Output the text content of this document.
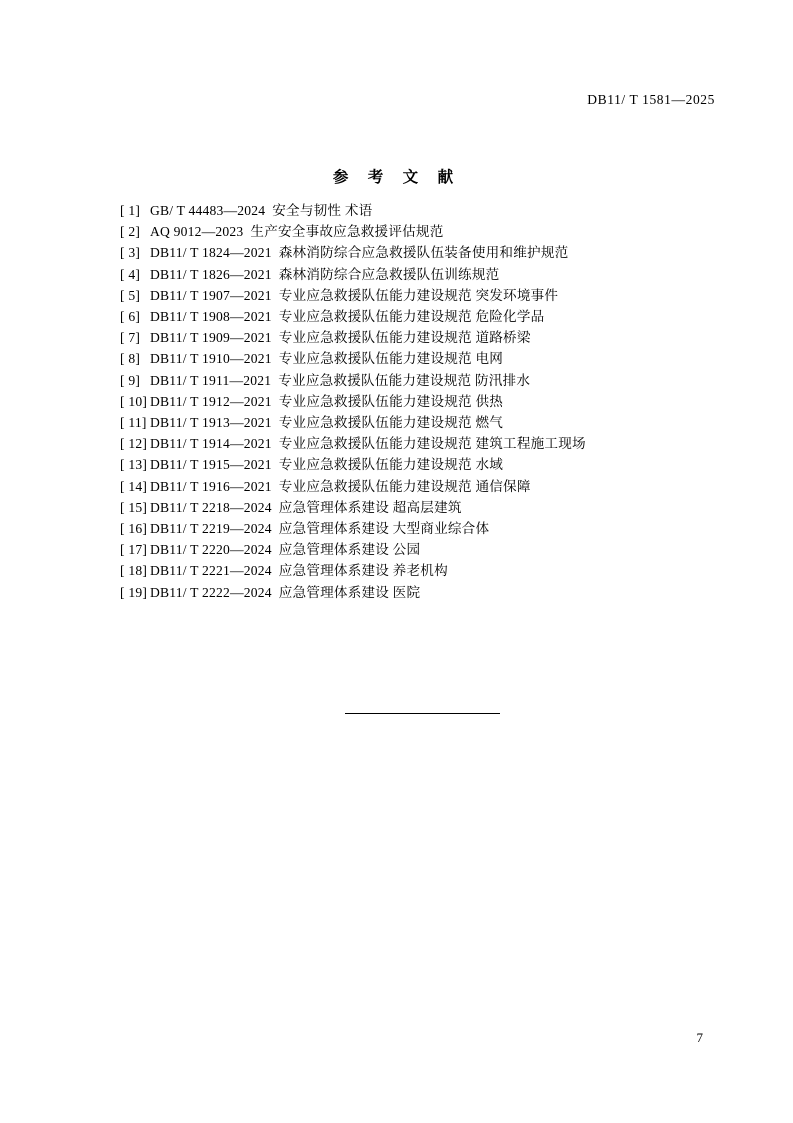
DB11/ T 1581—2025
参 考 文 献
[ 1] GB/ T 44483—2024 安全与韧性 术语
[ 2] AQ 9012—2023 生产安全事故应急救援评估规范
[ 3] DB11/ T 1824—2021 森林消防综合应急救援队伍装备使用和维护规范
[ 4] DB11/ T 1826—2021 森林消防综合应急救援队伍训练规范
[ 5] DB11/ T 1907—2021 专业应急救援队伍能力建设规范 突发环境事件
[ 6] DB11/ T 1908—2021 专业应急救援队伍能力建设规范 危险化学品
[ 7] DB11/ T 1909—2021 专业应急救援队伍能力建设规范 道路桥梁
[ 8] DB11/ T 1910—2021 专业应急救援队伍能力建设规范 电网
[ 9] DB11/ T 1911—2021 专业应急救援队伍能力建设规范 防汛排水
[ 10] DB11/ T 1912—2021 专业应急救援队伍能力建设规范 供热
[ 11] DB11/ T 1913—2021 专业应急救援队伍能力建设规范 燃气
[ 12] DB11/ T 1914—2021 专业应急救援队伍能力建设规范 建筑工程施工现场
[ 13] DB11/ T 1915—2021 专业应急救援队伍能力建设规范 水域
[ 14] DB11/ T 1916—2021 专业应急救援队伍能力建设规范 通信保障
[ 15] DB11/ T 2218—2024 应急管理体系建设 超高层建筑
[ 16] DB11/ T 2219—2024 应急管理体系建设 大型商业综合体
[ 17] DB11/ T 2220—2024 应急管理体系建设 公园
[ 18] DB11/ T 2221—2024 应急管理体系建设 养老机构
[ 19] DB11/ T 2222—2024 应急管理体系建设 医院
7
